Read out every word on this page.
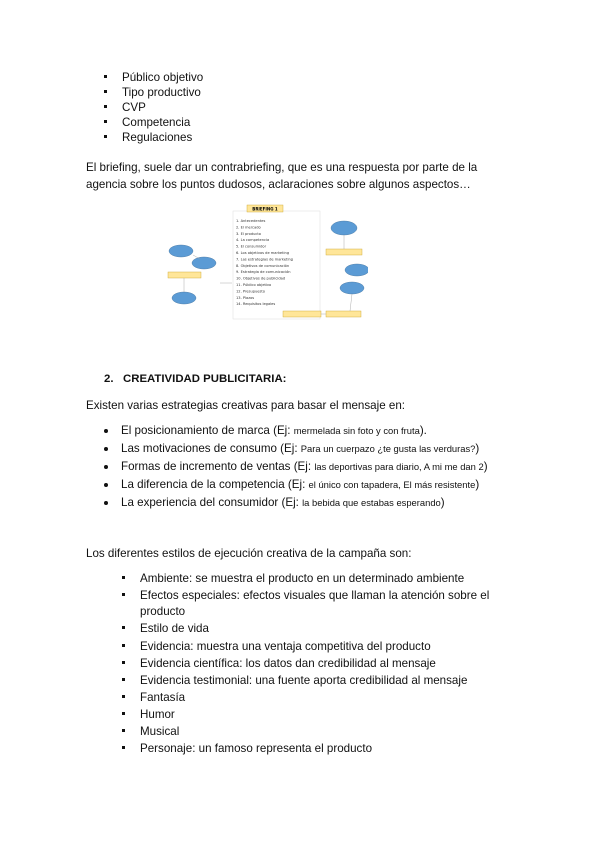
Público objetivo
Tipo productivo
CVP
Competencia
Regulaciones
El briefing, suele dar un contrabriefing, que es una respuesta por parte de la
agencia sobre los puntos dudosos, aclaraciones sobre algunos aspectos…
BRIEFING 1
1. Antecedentes
2. El mercado
3. El producto
4. La competencia
5. El consumidor
6. Los objetivos de marketing
7. Las estrategias de marketing
8. Objetivos de comunicación
9. Estrategia de comunicación
10. Objetivos de publicidad
11. Público objetivo
12. Presupuesto
13. Plazos
14. Requisitos legales
2. CREATIVIDAD PUBLICITARIA:
Existen varias estrategias creativas para basar el mensaje en:
El posicionamiento de marca (Ej: mermelada sin foto y con fruta).
Las motivaciones de consumo (Ej: Para un cuerpazo ¿te gusta las verduras?)
Formas de incremento de ventas (Ej: las deportivas para diario, A mi me dan 2)
La diferencia de la competencia (Ej: el único con tapadera, El más resistente)
La experiencia del consumidor (Ej: la bebida que estabas esperando)
Los diferentes estilos de ejecución creativa de la campaña son:
Ambiente: se muestra el producto en un determinado ambiente
Efectos especiales: efectos visuales que llaman la atención sobre el
producto
Estilo de vida
Evidencia: muestra una ventaja competitiva del producto
Evidencia científica: los datos dan credibilidad al mensaje
Evidencia testimonial: una fuente aporta credibilidad al mensaje
Fantasía
Humor
Musical
Personaje: un famoso representa el producto
